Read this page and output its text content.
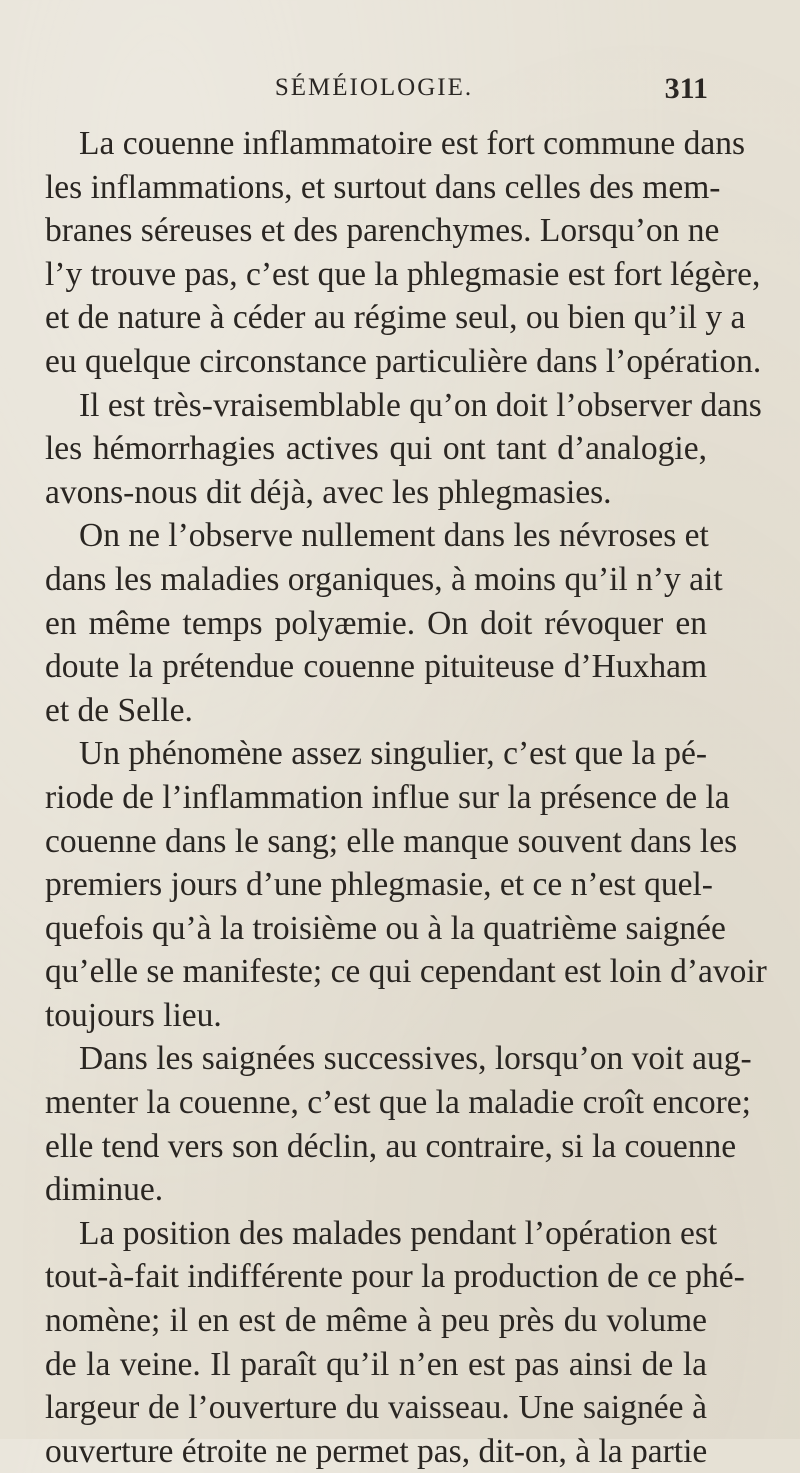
SÉMÉIOLOGIE.	311
La couenne inflammatoire est fort commune dans
les inflammations, et surtout dans celles des mem-
branes séreuses et des parenchymes. Lorsqu’on ne
l’y trouve pas, c’est que la phlegmasie est fort légère,
et de nature à céder au régime seul, ou bien qu’il y a
eu quelque circonstance particulière dans l’opération.
Il est très-vraisemblable qu’on doit l’observer dans
les hémorrhagies actives qui ont tant d’analogie,
avons-nous dit déjà, avec les phlegmasies.
On ne l’observe nullement dans les névroses et
dans les maladies organiques, à moins qu’il n’y ait
en même temps polyæmie. On doit révoquer en
doute la prétendue couenne pituiteuse d’Huxham
et de Selle.
Un phénomène assez singulier, c’est que la pé-
riode de l’inflammation influe sur la présence de la
couenne dans le sang; elle manque souvent dans les
premiers jours d’une phlegmasie, et ce n’est quel-
quefois qu’à la troisième ou à la quatrième saignée
qu’elle se manifeste; ce qui cependant est loin d’avoir
toujours lieu.
Dans les saignées successives, lorsqu’on voit aug-
menter la couenne, c’est que la maladie croît encore;
elle tend vers son déclin, au contraire, si la couenne
diminue.
La position des malades pendant l’opération est
tout-à-fait indifférente pour la production de ce phé-
nomène; il en est de même à peu près du volume
de la veine. Il paraît qu’il n’en est pas ainsi de la
largeur de l’ouverture du vaisseau. Une saignée à
ouverture étroite ne permet pas, dit-on, à la partie
